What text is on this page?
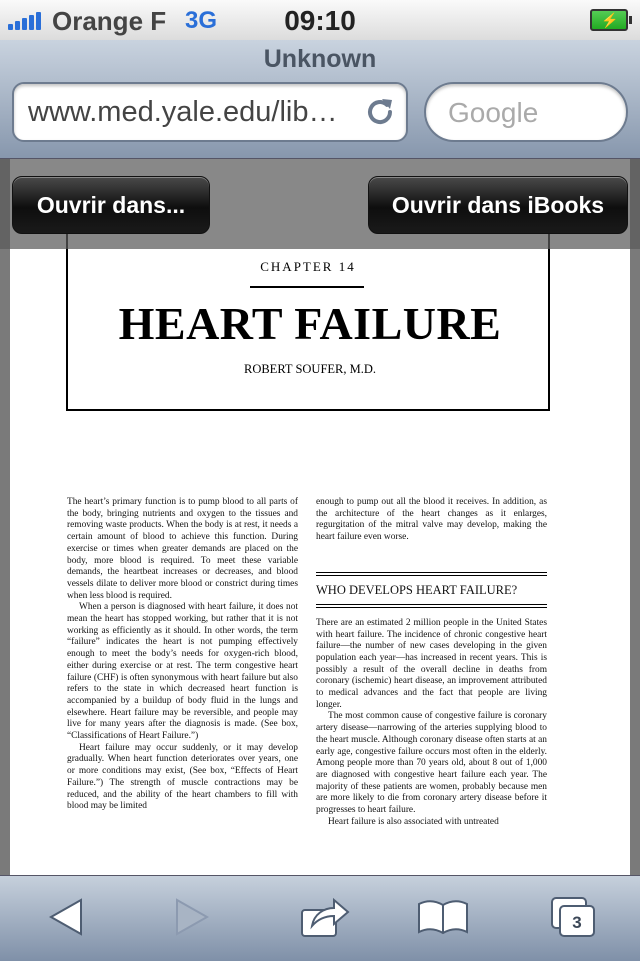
Orange F 3G	09:10	⚡
Unknown
www.med.yale.edu/lib…	Google
CHAPTER 14
HEART FAILURE
ROBERT SOUFER, M.D.

The heart’s primary function is to pump blood to all parts of the body, bringing nutrients and oxygen to the tissues and removing waste products. When the body is at rest, it needs a certain amount of blood to achieve this function. During exercise or times when greater demands are placed on the body, more blood is required. To meet these variable demands, the heartbeat increases or decreases, and blood vessels dilate to deliver more blood or constrict during times when less blood is required.

When a person is diagnosed with heart failure, it does not mean the heart has stopped working, but rather that it is not working as efficiently as it should. In other words, the term “failure” indicates the heart is not pumping effectively enough to meet the body’s needs for oxygen-rich blood, either during exercise or at rest. The term congestive heart failure (CHF) is often synonymous with heart failure but also refers to the state in which decreased heart function is accompanied by a buildup of body fluid in the lungs and elsewhere. Heart failure may be reversible, and people may live for many years after the diagnosis is made. (See box, “Classifications of Heart Failure.”)

Heart failure may occur suddenly, or it may develop gradually. When heart function deteriorates over years, one or more conditions may exist, (See box, “Effects of Heart Failure.”) The strength of muscle contractions may be reduced, and the ability of the heart chambers to fill with blood may be limited

enough to pump out all the blood it receives. In addition, as the architecture of the heart changes as it enlarges, regurgitation of the mitral valve may develop, making the heart failure even worse.

WHO DEVELOPS HEART FAILURE?

There are an estimated 2 million people in the United States with heart failure. The incidence of chronic congestive heart failure—the number of new cases developing in the given population each year—has increased in recent years. This is possibly a result of the overall decline in deaths from coronary (ischemic) heart disease, an improvement attributed to medical advances and the fact that people are living longer.

The most common cause of congestive failure is coronary artery disease—narrowing of the arteries supplying blood to the heart muscle. Although coronary disease often starts at an early age, congestive failure occurs most often in the elderly. Among people more than 70 years old, about 8 out of 1,000 are diagnosed with congestive heart failure each year. The majority of these patients are women, probably because men are more likely to die from coronary artery disease before it progresses to heart failure.

Heart failure is also associated with untreated

Ouvrir dans...	Ouvrir dans iBooks
3
